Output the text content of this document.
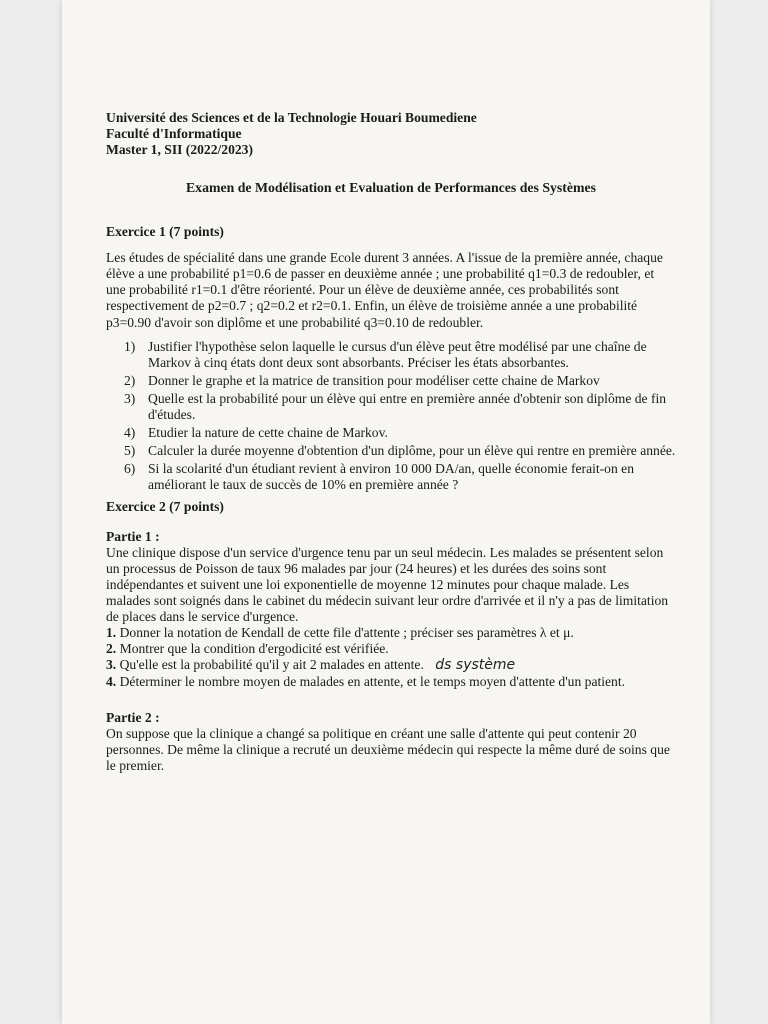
Université des Sciences et de la Technologie Houari Boumediene
Faculté d'Informatique
Master 1, SII (2022/2023)
Examen de Modélisation et Evaluation de Performances des Systèmes
Exercice 1 (7 points)
Les études de spécialité dans une grande Ecole durent 3 années. A l'issue de la première année, chaque élève a une probabilité p1=0.6 de passer en deuxième année ; une probabilité q1=0.3 de redoubler, et une probabilité r1=0.1 d'être réorienté. Pour un élève de deuxième année, ces probabilités sont respectivement de p2=0.7 ; q2=0.2 et r2=0.1. Enfin, un élève de troisième année a une probabilité p3=0.90 d'avoir son diplôme et une probabilité q3=0.10 de redoubler.
1) Justifier l'hypothèse selon laquelle le cursus d'un élève peut être modélisé par une chaîne de Markov à cinq états dont deux sont absorbants. Préciser les états absorbantes.
2) Donner le graphe et la matrice de transition pour modéliser cette chaine de Markov
3) Quelle est la probabilité pour un élève qui entre en première année d'obtenir son diplôme de fin d'études.
4) Etudier la nature de cette chaine de Markov.
5) Calculer la durée moyenne d'obtention d'un diplôme, pour un élève qui rentre en première année.
6) Si la scolarité d'un étudiant revient à environ 10 000 DA/an, quelle économie ferait-on en améliorant le taux de succès de 10% en première année ?
Exercice 2 (7 points)
Partie 1 :
Une clinique dispose d'un service d'urgence tenu par un seul médecin. Les malades se présentent selon un processus de Poisson de taux 96 malades par jour (24 heures) et les durées des soins sont indépendantes et suivent une loi exponentielle de moyenne 12 minutes pour chaque malade. Les malades sont soignés dans le cabinet du médecin suivant leur ordre d'arrivée et il n'y a pas de limitation de places dans le service d'urgence.
1. Donner la notation de Kendall de cette file d'attente ; préciser ses paramètres λ et μ.
2. Montrer que la condition d'ergodicité est vérifiée.
3. Qu'elle est la probabilité qu'il y ait 2 malades en attente. ds système
4. Déterminer le nombre moyen de malades en attente, et le temps moyen d'attente d'un patient.
Partie 2 :
On suppose que la clinique a changé sa politique en créant une salle d'attente qui peut contenir 20 personnes. De même la clinique a recruté un deuxième médecin qui respecte la même duré de soins que le premier.
